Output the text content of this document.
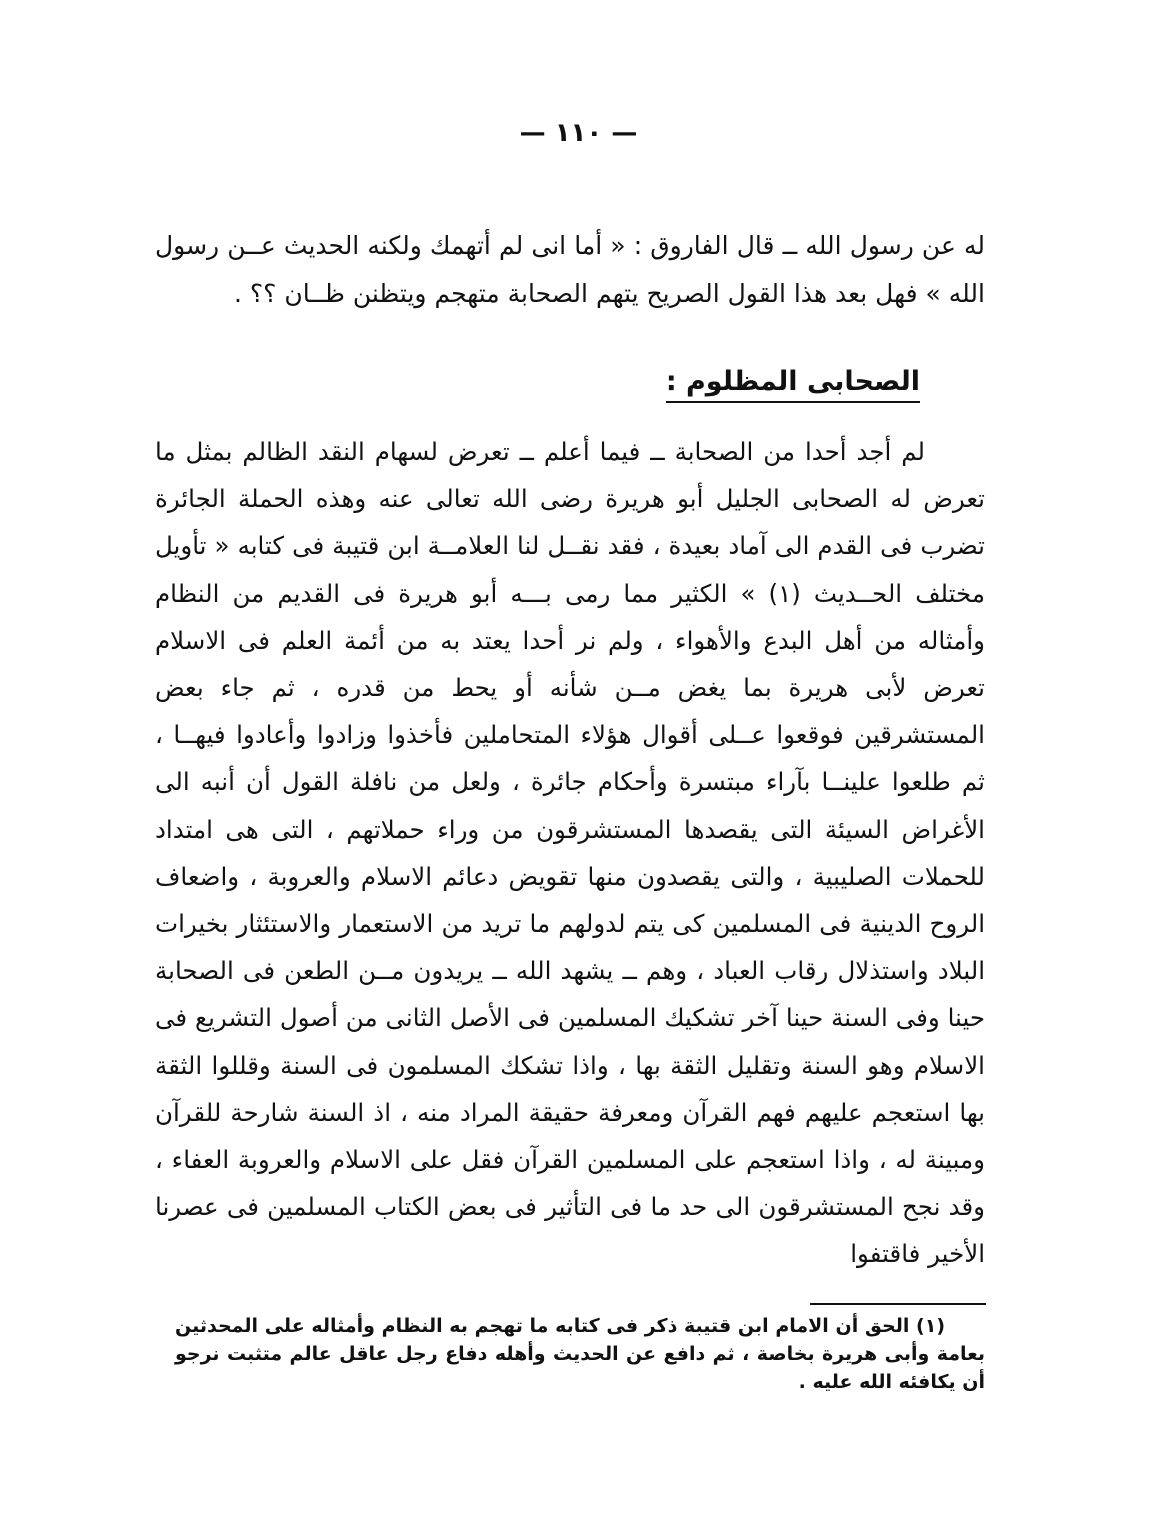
— ١١٠ —

له عن رسول الله ــ قال الفاروق : « أما انى لم أتهمك ولكنه الحديث عــن رسول الله » فهل بعد هذا القول الصريح يتهم الصحابة متهجم ويتظنن ظــان ؟؟ .

الصحابى المظلوم :

لم أجد أحدا من الصحابة ــ فيما أعلم ــ تعرض لسهام النقد الظالم بمثل ما تعرض له الصحابى الجليل أبو هريرة رضى الله تعالى عنه وهذه الحملة الجائرة تضرب فى القدم الى آماد بعيدة ، فقد نقــل لنا العلامــة ابن قتيبة فى كتابه « تأويل مختلف الحــديث (١) » الكثير مما رمى بـــه أبو هريرة فى القديم من النظام وأمثاله من أهل البدع والأهواء ، ولم نر أحدا يعتد به من أئمة العلم فى الاسلام تعرض لأبى هريرة بما يغض مــن شأنه أو يحط من قدره ، ثم جاء بعض المستشرقين فوقعوا عــلى أقوال هؤلاء المتحاملين فأخذوا وزادوا وأعادوا فيهــا ، ثم طلعوا علينــا بآراء مبتسرة وأحكام جائرة ، ولعل من نافلة القول أن أنبه الى الأغراض السيئة التى يقصدها المستشرقون من وراء حملاتهم ، التى هى امتداد للحملات الصليبية ، والتى يقصدون منها تقويض دعائم الاسلام والعروبة ، واضعاف الروح الدينية فى المسلمين كى يتم لدولهم ما تريد من الاستعمار والاستئثار بخيرات البلاد واستذلال رقاب العباد ، وهم ــ يشهد الله ــ يريدون مــن الطعن فى الصحابة حينا وفى السنة حينا آخر تشكيك المسلمين فى الأصل الثانى من أصول التشريع فى الاسلام وهو السنة وتقليل الثقة بها ، واذا تشكك المسلمون فى السنة وقللوا الثقة بها استعجم عليهم فهم القرآن ومعرفة حقيقة المراد منه ، اذ السنة شارحة للقرآن ومبينة له ، واذا استعجم على المسلمين القرآن فقل على الاسلام والعروبة العفاء ، وقد نجح المستشرقون الى حد ما فى التأثير فى بعض الكتاب المسلمين فى عصرنا الأخير فاقتفوا

(١) الحق أن الامام ابن قتيبة ذكر فى كتابه ما تهجم به النظام وأمثاله على المحدثين بعامة وأبى هريرة بخاصة ، ثم دافع عن الحديث وأهله دفاع رجل عاقل عالم متثبت نرجو أن يكافئه الله عليه .
